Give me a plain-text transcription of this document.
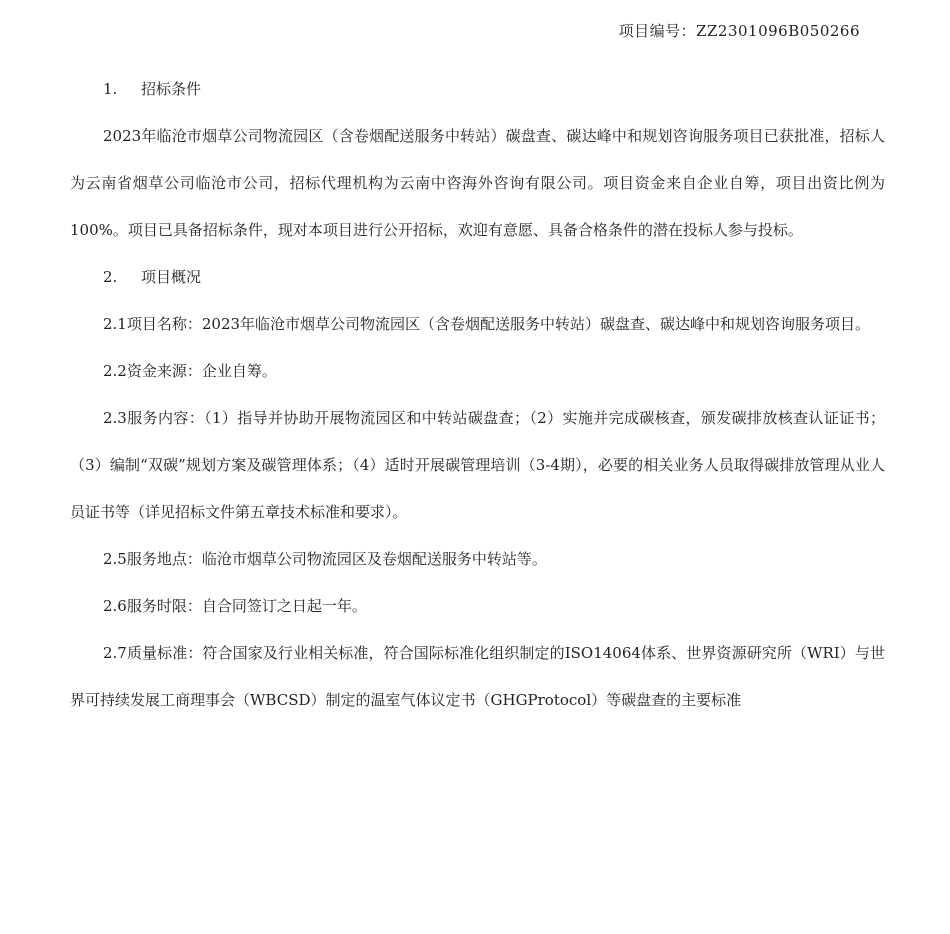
项目编号：ZZ2301096B050266

1. 招标条件

2023年临沧市烟草公司物流园区（含卷烟配送服务中转站）碳盘查、碳达峰中和规划咨询服务项目已获批准，招标人为云南省烟草公司临沧市公司，招标代理机构为云南中咨海外咨询有限公司。项目资金来自企业自筹，项目出资比例为100%。项目已具备招标条件，现对本项目进行公开招标，欢迎有意愿、具备合格条件的潜在投标人参与投标。

2. 项目概况

2.1项目名称：2023年临沧市烟草公司物流园区（含卷烟配送服务中转站）碳盘查、碳达峰中和规划咨询服务项目。

2.2资金来源：企业自筹。

2.3服务内容：（1）指导并协助开展物流园区和中转站碳盘查；（2）实施并完成碳核查，颁发碳排放核查认证证书；（3）编制“双碳”规划方案及碳管理体系；（4）适时开展碳管理培训（3-4期），必要的相关业务人员取得碳排放管理从业人员证书等（详见招标文件第五章技术标准和要求）。

2.5服务地点：临沧市烟草公司物流园区及卷烟配送服务中转站等。

2.6服务时限：自合同签订之日起一年。

2.7质量标准：符合国家及行业相关标准，符合国际标准化组织制定的ISO14064体系、世界资源研究所（WRI）与世界可持续发展工商理事会（WBCSD）制定的温室气体议定书（GHGProtocol）等碳盘查的主要标准
